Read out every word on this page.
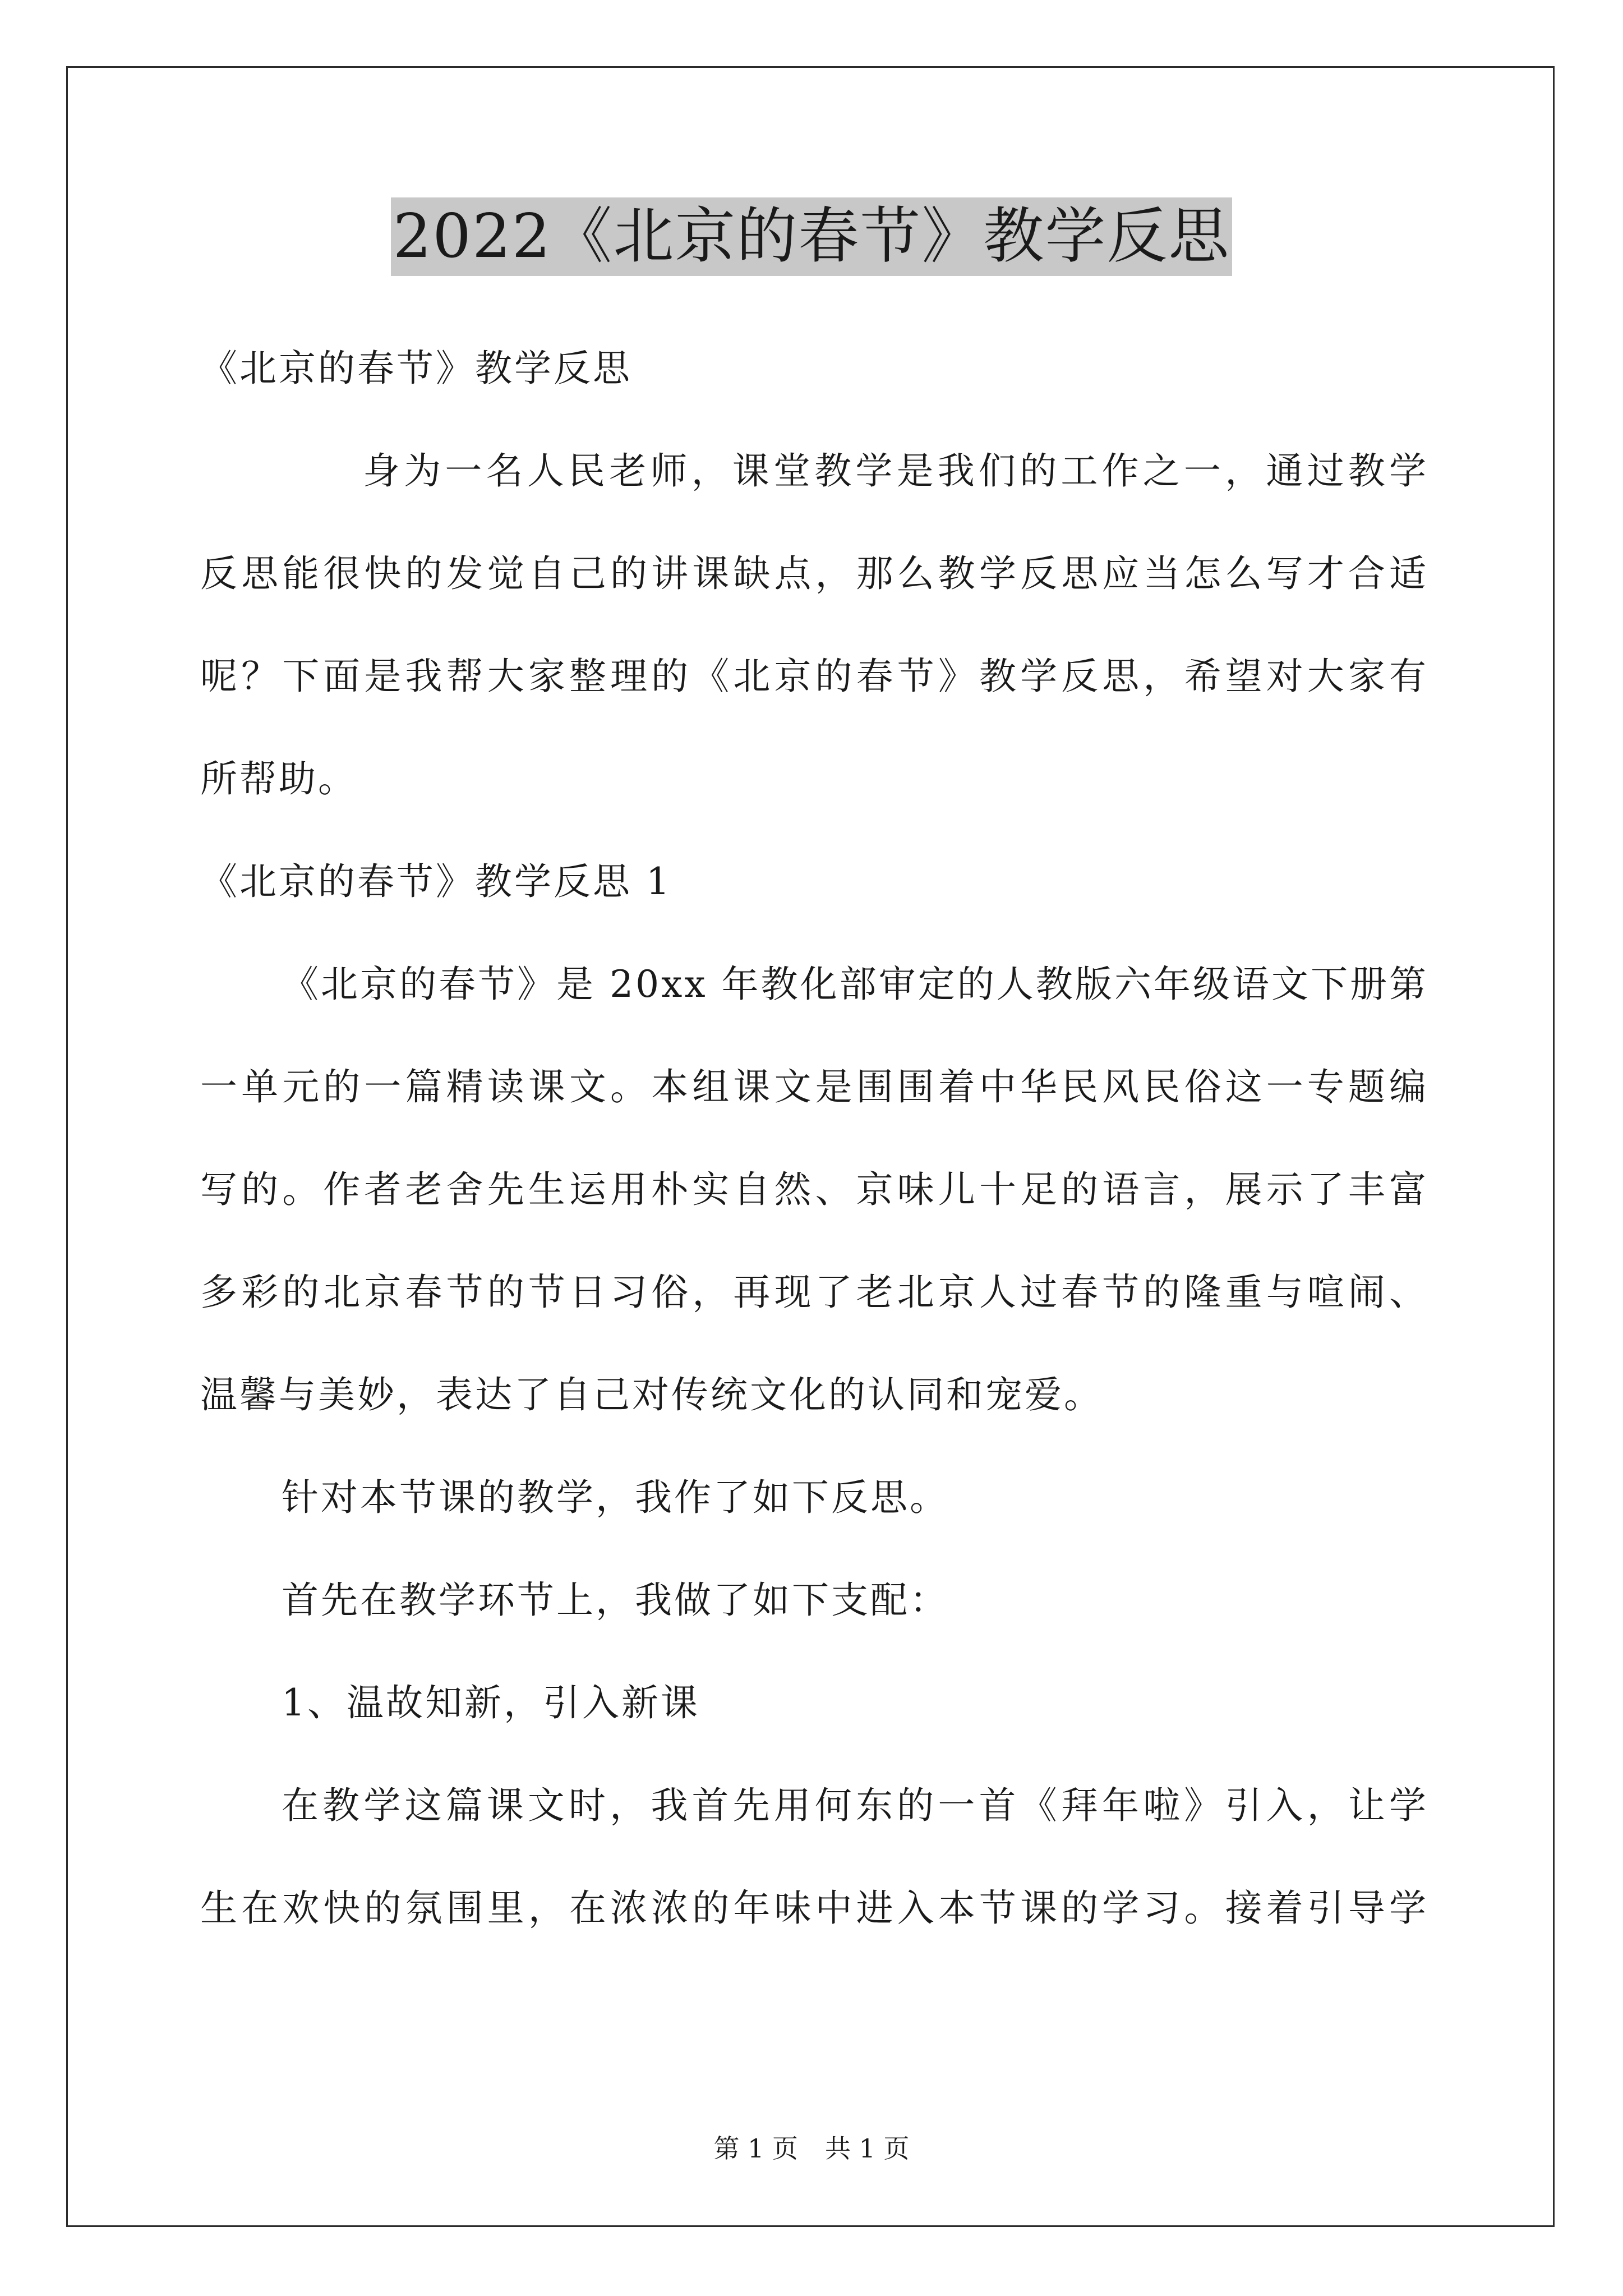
2022《北京的春节》教学反思
《北京的春节》教学反思
身为一名人民老师，课堂教学是我们的工作之一，通过教学
反思能很快的发觉自己的讲课缺点，那么教学反思应当怎么写才合适
呢？下面是我帮大家整理的《北京的春节》教学反思，希望对大家有
所帮助。
《北京的春节》教学反思 1
《北京的春节》是 20xx 年教化部审定的人教版六年级语文下册第
一单元的一篇精读课文。本组课文是围围着中华民风民俗这一专题编
写的。作者老舍先生运用朴实自然、京味儿十足的语言，展示了丰富
多彩的北京春节的节日习俗，再现了老北京人过春节的隆重与喧闹、
温馨与美妙，表达了自己对传统文化的认同和宠爱。
针对本节课的教学，我作了如下反思。
首先在教学环节上，我做了如下支配：
1、温故知新，引入新课
在教学这篇课文时，我首先用何东的一首《拜年啦》引入，让学
生在欢快的氛围里，在浓浓的年味中进入本节课的学习。接着引导学
第 1 页 共 1 页
